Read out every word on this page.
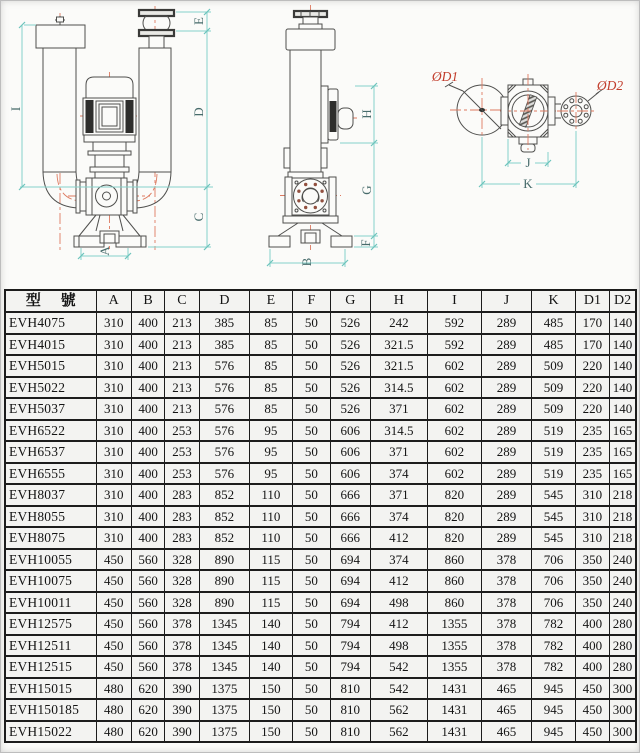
I
E
D
C
A
H
G
F
B
ØD1
ØD2
J
K
型 號	A	B	C	D	E	F	G	H	I	J	K	D1	D2
EVH4075	310	400	213	385	85	50	526	242	592	289	485	170	140
EVH4015	310	400	213	385	85	50	526	321.5	592	289	485	170	140
EVH5015	310	400	213	576	85	50	526	321.5	602	289	509	220	140
EVH5022	310	400	213	576	85	50	526	314.5	602	289	509	220	140
EVH5037	310	400	213	576	85	50	526	371	602	289	509	220	140
EVH6522	310	400	253	576	95	50	606	314.5	602	289	519	235	165
EVH6537	310	400	253	576	95	50	606	371	602	289	519	235	165
EVH6555	310	400	253	576	95	50	606	374	602	289	519	235	165
EVH8037	310	400	283	852	110	50	666	371	820	289	545	310	218
EVH8055	310	400	283	852	110	50	666	374	820	289	545	310	218
EVH8075	310	400	283	852	110	50	666	412	820	289	545	310	218
EVH10055	450	560	328	890	115	50	694	374	860	378	706	350	240
EVH10075	450	560	328	890	115	50	694	412	860	378	706	350	240
EVH10011	450	560	328	890	115	50	694	498	860	378	706	350	240
EVH12575	450	560	378	1345	140	50	794	412	1355	378	782	400	280
EVH12511	450	560	378	1345	140	50	794	498	1355	378	782	400	280
EVH12515	450	560	378	1345	140	50	794	542	1355	378	782	400	280
EVH15015	480	620	390	1375	150	50	810	542	1431	465	945	450	300
EVH150185	480	620	390	1375	150	50	810	562	1431	465	945	450	300
EVH15022	480	620	390	1375	150	50	810	562	1431	465	945	450	300
